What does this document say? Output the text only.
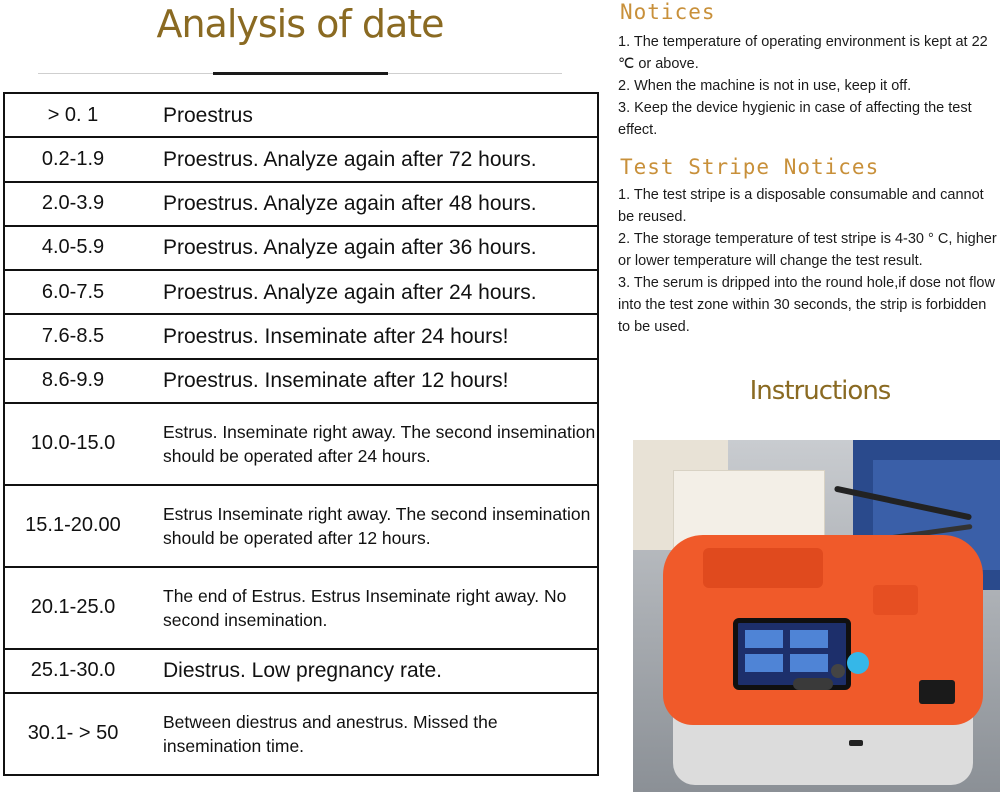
Analysis of date
> 0. 1	Proestrus
0.2-1.9	Proestrus. Analyze again after 72 hours.
2.0-3.9	Proestrus. Analyze again after 48 hours.
4.0-5.9	Proestrus. Analyze again after 36 hours.
6.0-7.5	Proestrus. Analyze again after 24 hours.
7.6-8.5	Proestrus. Inseminate after 24 hours!
8.6-9.9	Proestrus. Inseminate after 12 hours!
10.0-15.0	Estrus. Inseminate right away. The second insemination should be operated after 24 hours.
15.1-20.00	Estrus Inseminate right away. The second insemination should be operated after 12 hours.
20.1-25.0	The end of Estrus. Estrus Inseminate right away. No second insemination.
25.1-30.0	Diestrus. Low pregnancy rate.
30.1- > 50	Between diestrus and anestrus. Missed the insemination time.
Notices

1. The temperature of operating environment is kept at 22 ℃ or above.

2. When the machine is not in use, keep it off.

3. Keep the device hygienic in case of affecting the test effect.

Test Stripe Notices

1. The test stripe is a disposable consumable and cannot be reused.

2. The storage temperature of test stripe is 4-30 ° C, higher or lower temperature will change the test result.

3. The serum is dripped into the round hole,if dose not flow into the test zone within 30 seconds, the strip is forbidden to be used.

Instructions
